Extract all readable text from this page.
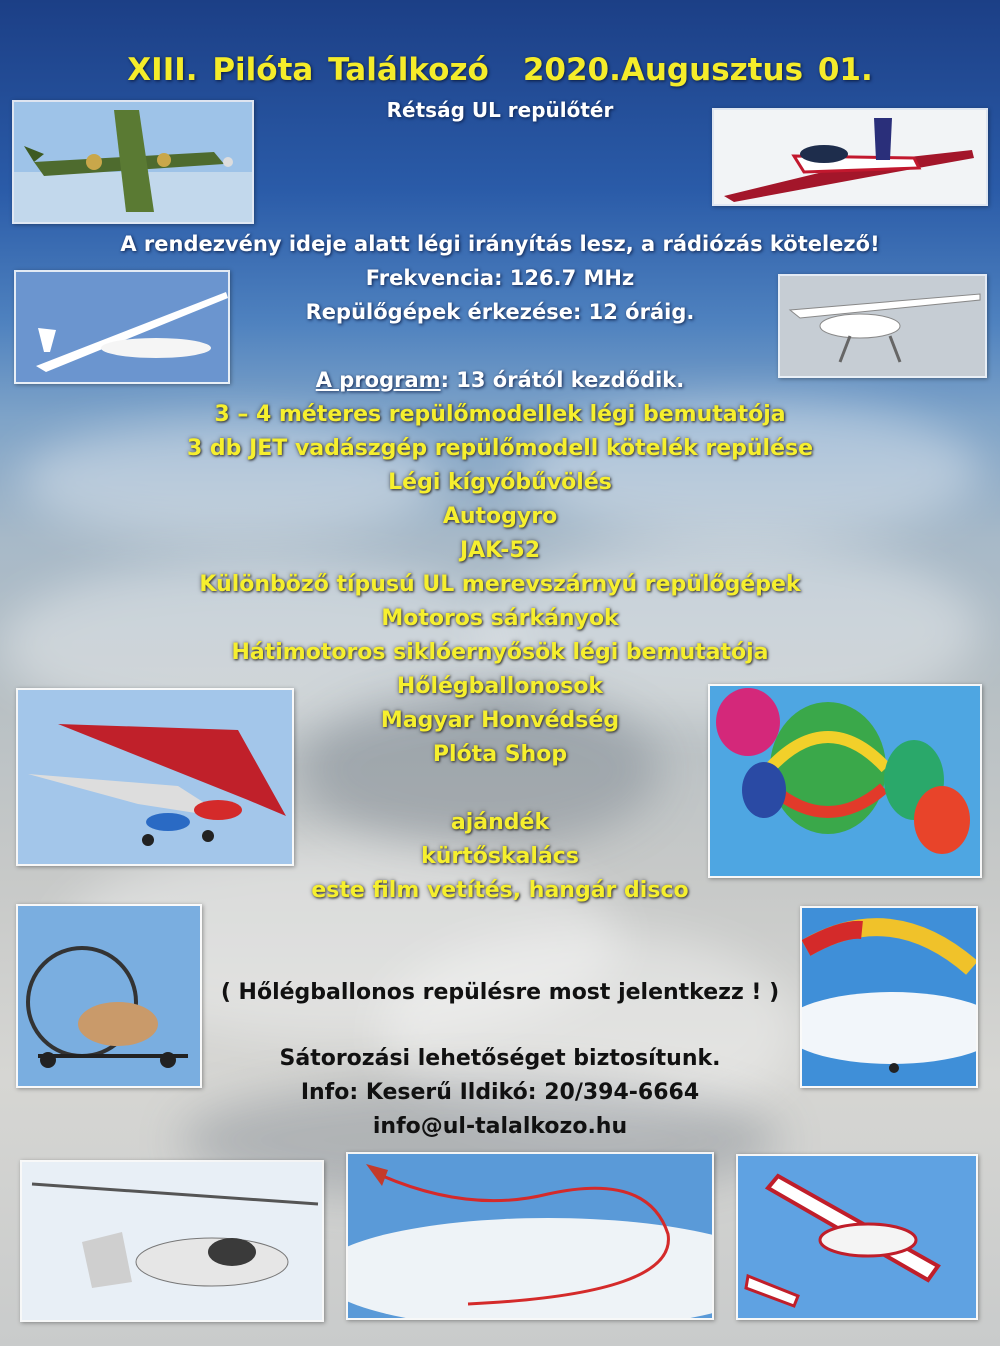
XIII. Pilóta Találkozó 2020.Augusztus 01.
Rétság UL repülőtér
A rendezvény ideje alatt légi irányítás lesz, a rádiózás kötelező!
Frekvencia: 126.7 MHz
Repülőgépek érkezése: 12 óráig.
A program: 13 órától kezdődik.
3 – 4 méteres repülőmodellek légi bemutatója
3 db JET vadászgép repülőmodell kötelék repülése
Légi kígyóbűvölés
Autogyro
JAK-52
Különböző típusú UL merevszárnyú repülőgépek
Motoros sárkányok
Hátimotoros siklóernyősök légi bemutatója
Hőlégballonosok
Magyar Honvédség
Plóta Shop
ajándék
kürtőskalács
este film vetítés, hangár disco
( Hőlégballonos repülésre most jelentkezz ! )
Sátorozási lehetőséget biztosítunk.
Info: Keserű Ildikó: 20/394-6664
info@ul-talalkozo.hu
